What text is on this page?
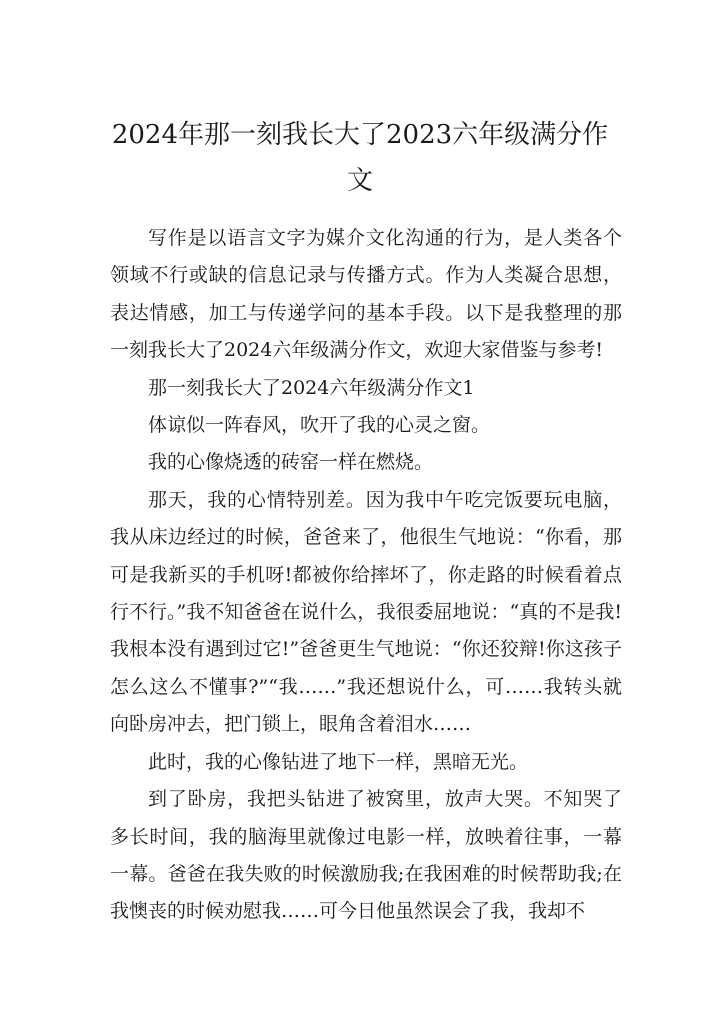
2024年那一刻我长大了2023六年级满分作文

写作是以语言文字为媒介文化沟通的行为，是人类各个领域不行或缺的信息记录与传播方式。作为人类凝合思想，表达情感，加工与传递学问的基本手段。以下是我整理的那一刻我长大了2024六年级满分作文，欢迎大家借鉴与参考!

那一刻我长大了2024六年级满分作文1

体谅似一阵春风，吹开了我的心灵之窗。

我的心像烧透的砖窑一样在燃烧。

那天，我的心情特别差。因为我中午吃完饭要玩电脑，我从床边经过的时候，爸爸来了，他很生气地说：“你看，那可是我新买的手机呀!都被你给摔坏了，你走路的时候看着点行不行。”我不知爸爸在说什么，我很委屈地说：“真的不是我!我根本没有遇到过它!”爸爸更生气地说：“你还狡辩!你这孩子怎么这么不懂事?”“我……”我还想说什么，可……我转头就向卧房冲去，把门锁上，眼角含着泪水……

此时，我的心像钻进了地下一样，黑暗无光。

到了卧房，我把头钻进了被窝里，放声大哭。不知哭了多长时间，我的脑海里就像过电影一样，放映着往事，一幕一幕。爸爸在我失败的时候激励我;在我困难的时候帮助我;在我懊丧的时候劝慰我……可今日他虽然误会了我，我却不
